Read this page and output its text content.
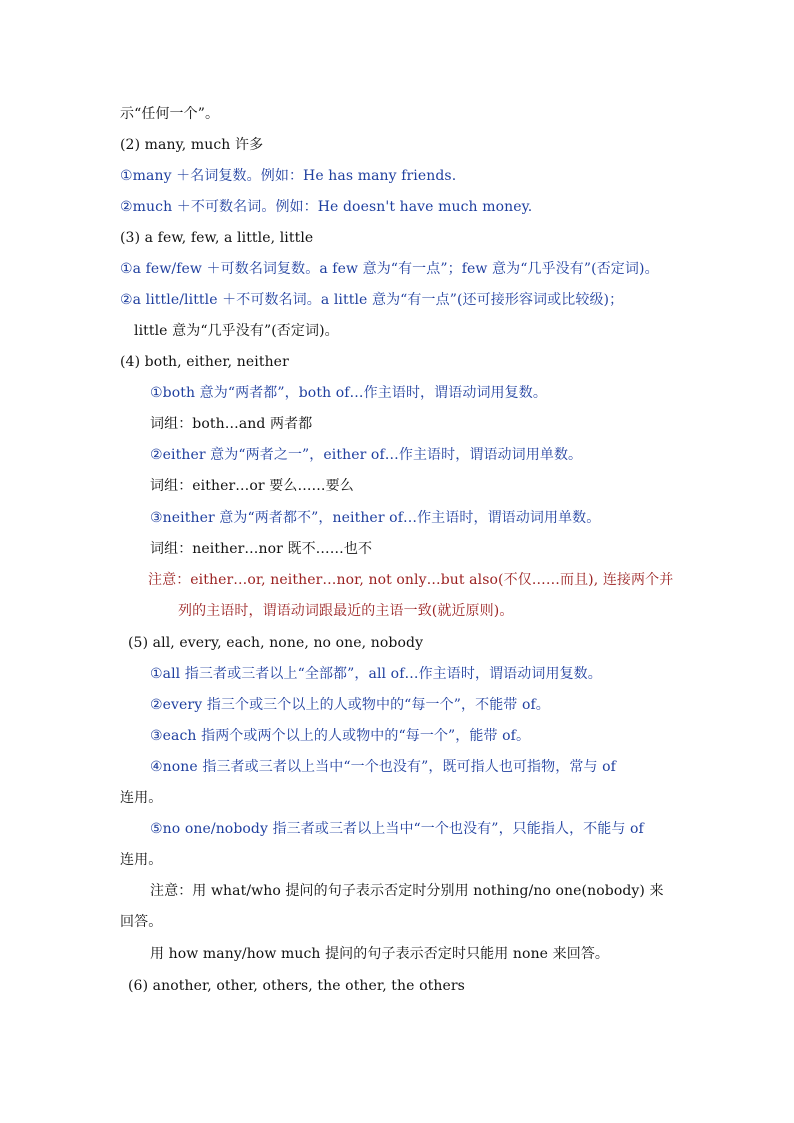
示“任何一个”。
(2) many, much 许多
①many ＋名词复数。例如：He has many friends.
②much ＋不可数名词。例如：He doesn't have much money.
(3) a few, few, a little, little
①a few/few ＋可数名词复数。a few 意为“有一点”；few 意为“几乎没有”(否定词)。
②a little/little ＋不可数名词。a little 意为“有一点”(还可接形容词或比较级)；
little 意为“几乎没有”(否定词)。
(4) both, either, neither
①both 意为“两者都”，both of…作主语时，谓语动词用复数。
词组：both…and 两者都
②either 意为“两者之一”，either of…作主语时，谓语动词用单数。
词组：either…or 要么……要么
③neither 意为“两者都不”，neither of…作主语时，谓语动词用单数。
词组：neither…nor 既不……也不
注意：either…or, neither…nor, not only…but also(不仅……而且), 连接两个并
列的主语时，谓语动词跟最近的主语一致(就近原则)。
(5) all, every, each, none, no one, nobody
①all 指三者或三者以上“全部都”，all of…作主语时，谓语动词用复数。
②every 指三个或三个以上的人或物中的“每一个”，不能带 of。
③each 指两个或两个以上的人或物中的“每一个”，能带 of。
④none 指三者或三者以上当中“一个也没有”，既可指人也可指物，常与 of
连用。
⑤no one/nobody 指三者或三者以上当中“一个也没有”，只能指人，不能与 of
连用。
注意：用 what/who 提问的句子表示否定时分别用 nothing/no one(nobody) 来
回答。
用 how many/how much 提问的句子表示否定时只能用 none 来回答。
(6) another, other, others, the other, the others
